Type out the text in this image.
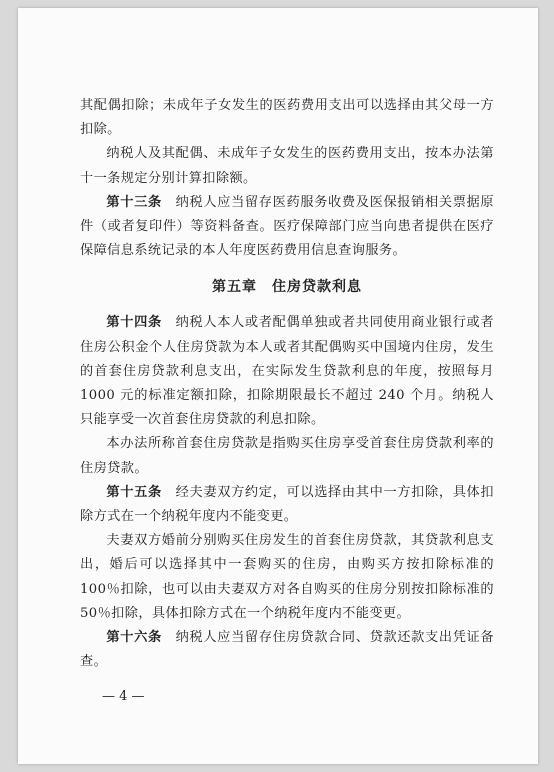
其配偶扣除；未成年子女发生的医药费用支出可以选择由其父母一方扣除。

纳税人及其配偶、未成年子女发生的医药费用支出，按本办法第十一条规定分别计算扣除额。

第十三条　 纳税人应当留存医药服务收费及医保报销相关票据原件（或者复印件）等资料备查。医疗保障部门应当向患者提供在医疗保障信息系统记录的本人年度医药费用信息查询服务。

第五章　住房贷款利息

第十四条　 纳税人本人或者配偶单独或者共同使用商业银行或者住房公积金个人住房贷款为本人或者其配偶购买中国境内住房，发生的首套住房贷款利息支出，在实际发生贷款利息的年度，按照每月 1000 元的标准定额扣除，扣除期限最长不超过 240 个月。纳税人只能享受一次首套住房贷款的利息扣除。

本办法所称首套住房贷款是指购买住房享受首套住房贷款利率的住房贷款。

第十五条　 经夫妻双方约定，可以选择由其中一方扣除，具体扣除方式在一个纳税年度内不能变更。

夫妻双方婚前分别购买住房发生的首套住房贷款，其贷款利息支出，婚后可以选择其中一套购买的住房，由购买方按扣除标准的 100％扣除，也可以由夫妻双方对各自购买的住房分别按扣除标准的 50％扣除，具体扣除方式在一个纳税年度内不能变更。

第十六条　 纳税人应当留存住房贷款合同、贷款还款支出凭证备查。

— 4 —
